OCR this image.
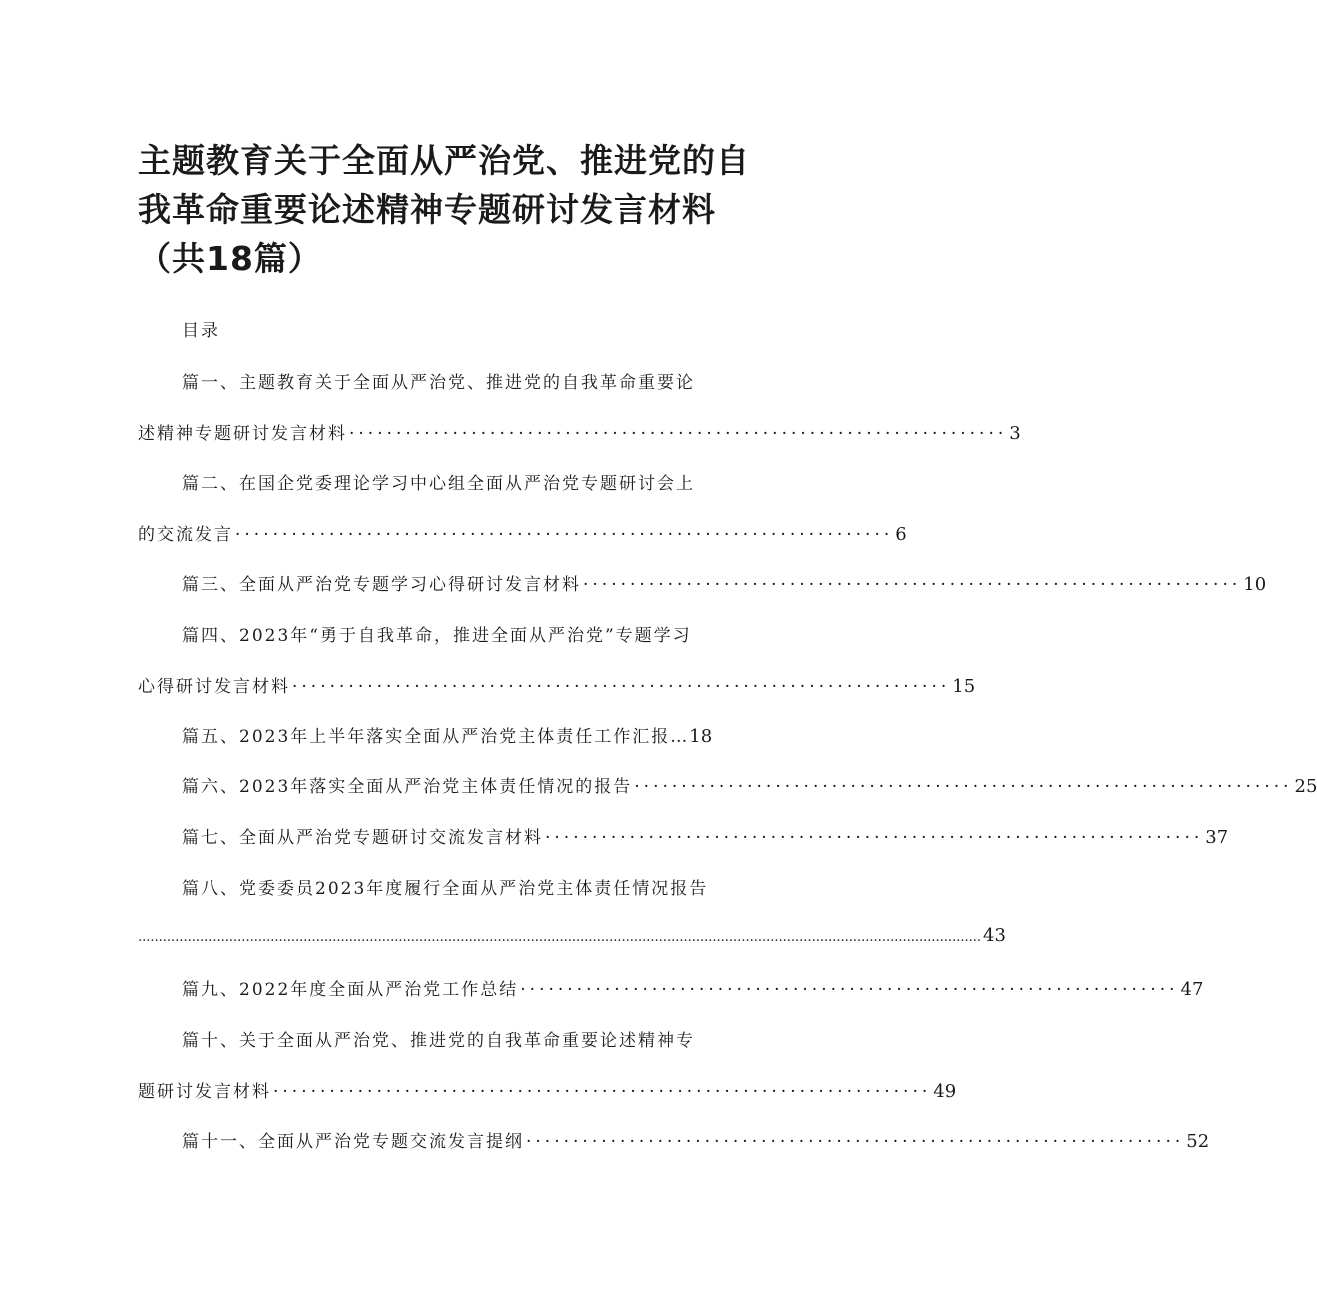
主题教育关于全面从严治党、推进党的自我革命重要论述精神专题研讨发言材料（共18篇）
目录
篇一、主题教育关于全面从严治党、推进党的自我革命重要论
述精神专题研讨发言材料 ······································································ 3
篇二、在国企党委理论学习中心组全面从严治党专题研讨会上
的交流发言 ······································································ 6
篇三、全面从严治党专题学习心得研讨发言材料 ······································································ 10
篇四、2023年“勇于自我革命，推进全面从严治党”专题学习
心得研讨发言材料 ······································································ 15
篇五、2023年上半年落实全面从严治党主体责任工作汇报… 18
篇六、2023年落实全面从严治党主体责任情况的报告 ······································································ 25
篇七、全面从严治党专题研讨交流发言材料 ······································································ 37
篇八、党委委员2023年度履行全面从严治党主体责任情况报告
............................................................................................................................................................................................................ 43
篇九、2022年度全面从严治党工作总结 ······································································ 47
篇十、关于全面从严治党、推进党的自我革命重要论述精神专
题研讨发言材料 ······································································ 49
篇十一、全面从严治党专题交流发言提纲 ······································································ 52
